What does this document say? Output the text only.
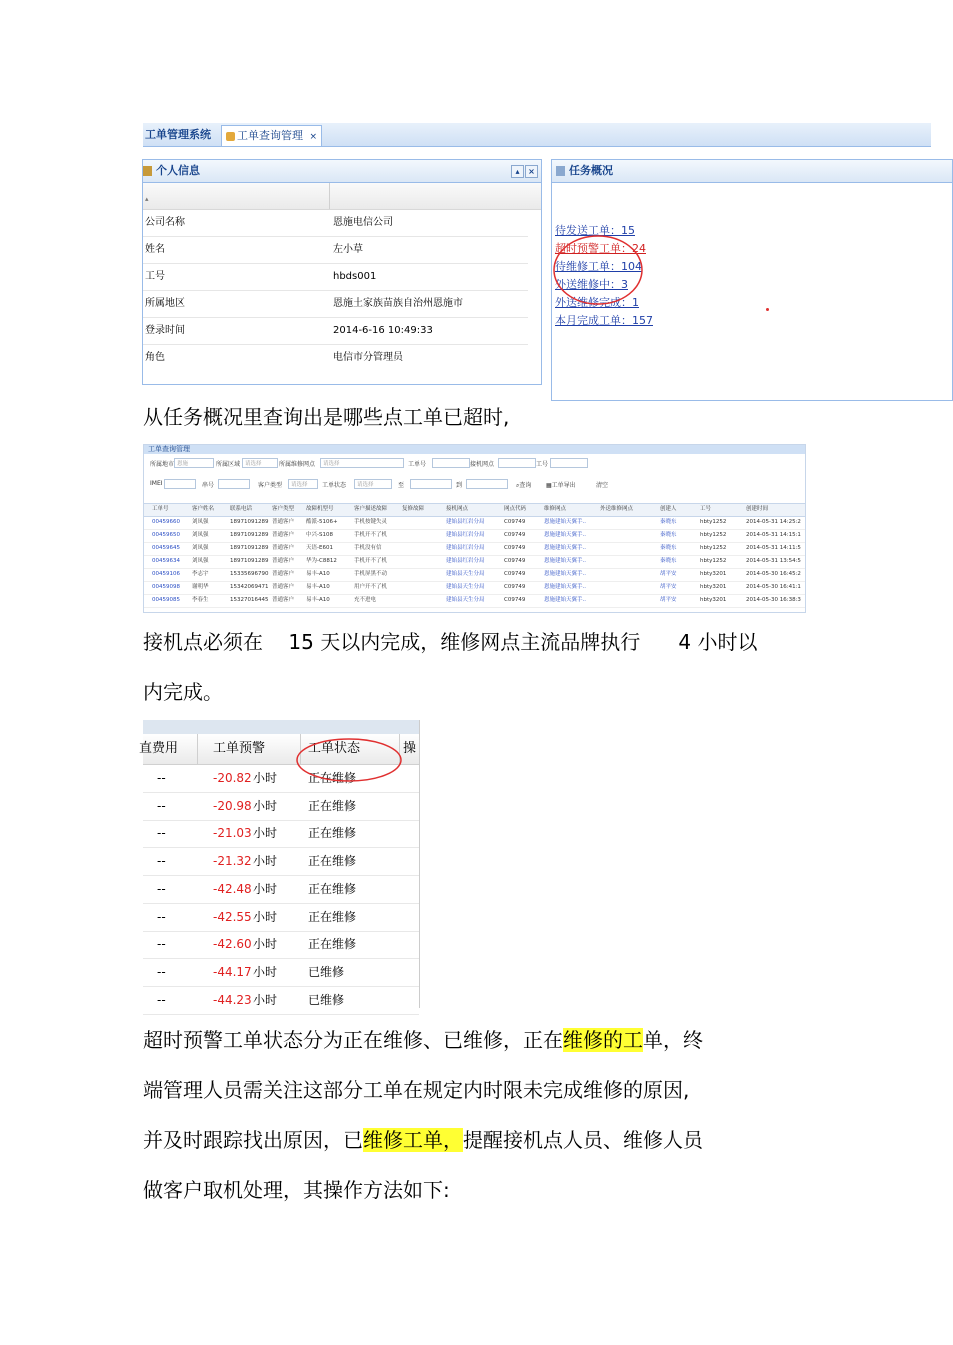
工单管理系统	工单查询管理 ×
个人信息	▴	×
▴
公司名称	恩施电信公司
姓名	左小草
工号	hbds001
所属地区	恩施土家族苗族自治州恩施市
登录时间	2014-6-16 10:49:33
角色	电信市分管理员
任务概况
待发送工单：15
超时预警工单：24
待维修工单：104
外送维修中：3
外送维修完成：1
本月完成工单：157
从任务概况里查询出是哪些点工单已超时,
工单查询管理
所属地市 恩施	所属区域 请选择	所属维修网点	请选择	工单号	接机网点	工号
IMEI	串号	客户类型	请选择	工单状态	请选择	至	到	⌕查询 ▦工单导出	清空
工单号	客户姓名	联系电话	客户类型 故障机型号	客户描述故障	复修故障	接机网点	网点代码	维修网点	外送维修网点	创建人	工号	创建时间
00459660 刘凤强	18971091289 普通客户 酷派-5106+	手机按键失灵	建始县红岩分局	C09749	恩施建始天翼手..	秦晓东	hbty1252	2014-05-31 14:25:2
00459650 刘凤强	18971091289 普通客户 中兴-S108	手机开不了机	建始县红岩分局	C09749	恩施建始天翼手..	秦晓东	hbty1252	2014-05-31 14:15:1
00459645 刘凤强	18971091289 普通客户 天语-E601	手机没有信	建始县红岩分局	C09749	恩施建始天翼手..	秦晓东	hbty1252	2014-05-31 14:11:5
00459634 刘凤强	18971091289 普通客户 华为-C8812	手机开不了机	建始县红岩分局	C09749	恩施建始天翼手..	秦晓东	hbty1252	2014-05-31 13:54:5
00459106 李志宇	15335696790 普通客户 易丰-A10	手机屏黑不动	建始县天生分局	C09749	恩施建始天翼手..	胡平安	hbty3201	2014-05-30 16:45:2
00459098 谢明华	15342069471 普通客户 易丰-A10	用户开不了机	建始县天生分局	C09749	恩施建始天翼手..	胡平安	hbty3201	2014-05-30 16:41:1
00459085 李春生	15327016445 普通客户 易丰-A10	充不进电	建始县天生分局	C09749	恩施建始天翼手..	胡平安	hbty3201	2014-05-30 16:38:3
接机点必须在    15 天以内完成，维修网点主流品牌执行      4 小时以
内完成。
直费用	工单预警	工单状态	操
--	-20.82 小时	正在维修
--	-20.98 小时	正在维修
--	-21.03 小时	正在维修
--	-21.32 小时	正在维修
--	-42.48 小时	正在维修
--	-42.55 小时	正在维修
--	-42.60 小时	正在维修
--	-44.17 小时	已维修
--	-44.23 小时	已维修
超时预警工单状态分为正在维修、已维修，正在维修的工单，终
端管理人员需关注这部分工单在规定内时限未完成维修的原因,
并及时跟踪找出原因，已维修工单，提醒接机点人员、维修人员
做客户取机处理，其操作方法如下:
